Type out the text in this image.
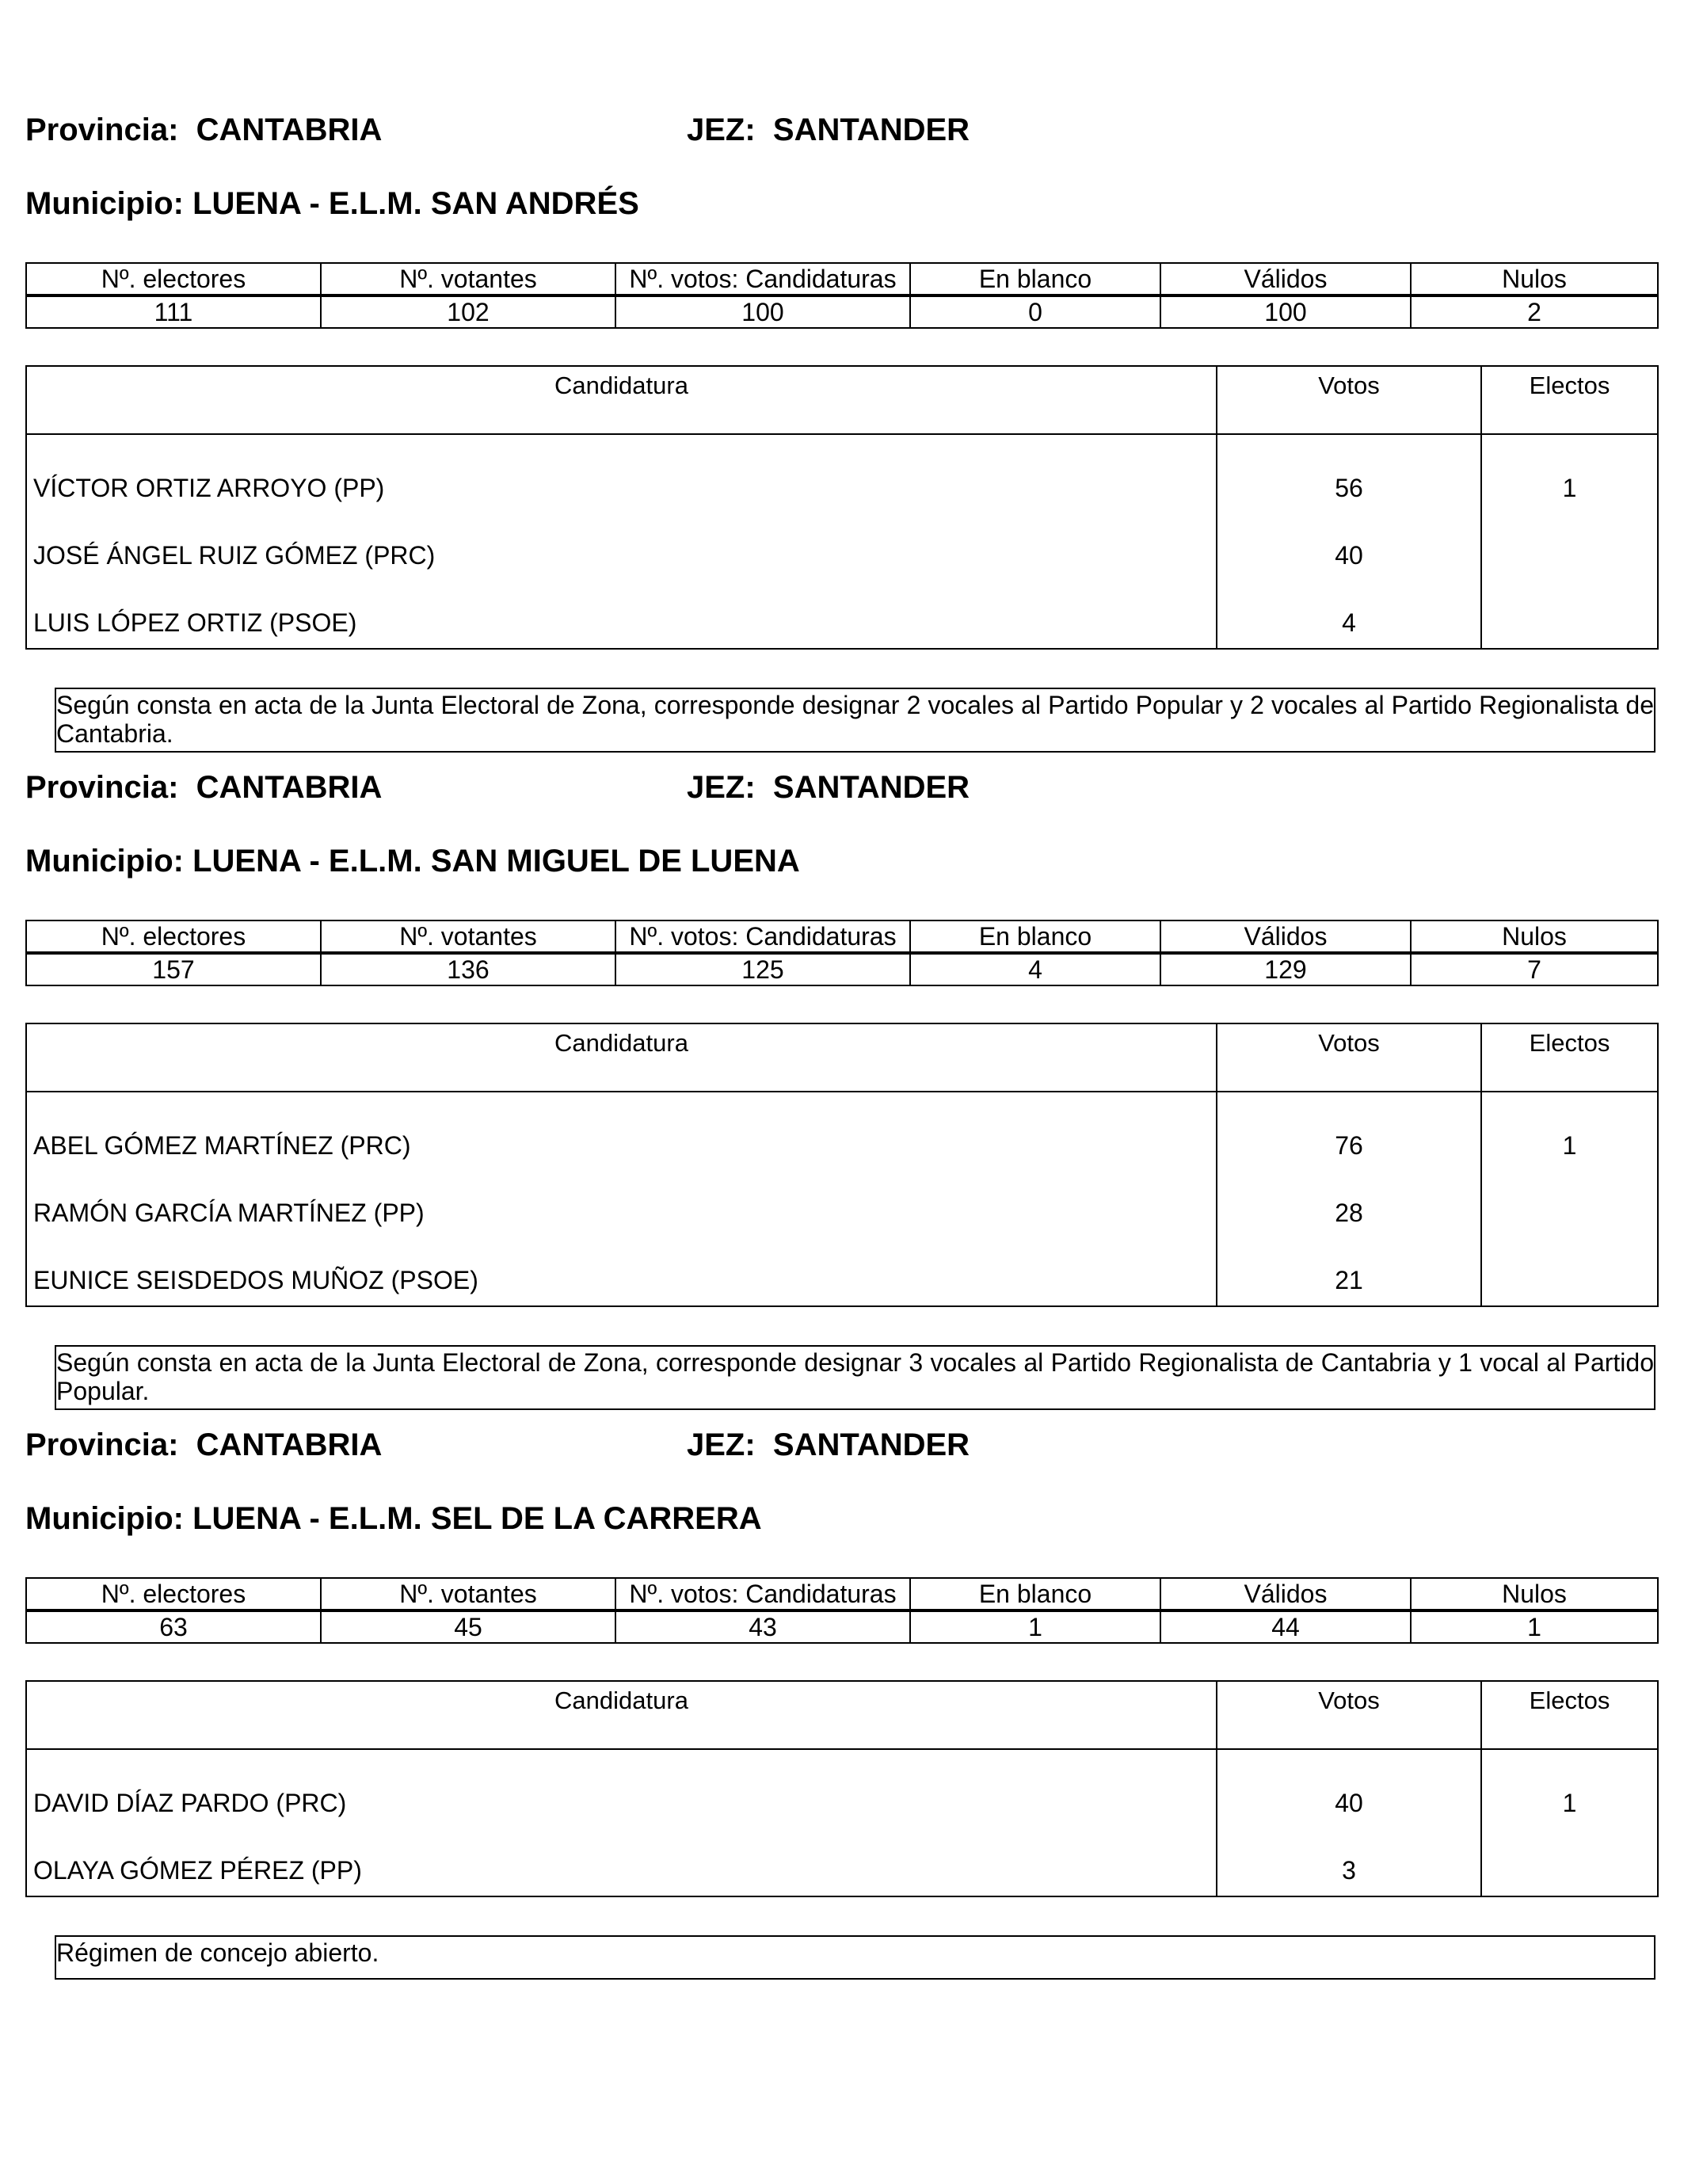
Provincia: CANTABRIA	JEZ: SANTANDER
Municipio: LUENA - E.L.M. SAN ANDRÉS
Nº. electores	Nº. votantes	Nº. votos: Candidaturas	En blanco	Válidos	Nulos
111	102	100	0	100	2
Candidatura	Votos	Electos
VÍCTOR ORTIZ ARROYO (PP)	56	1
JOSÉ ÁNGEL RUIZ GÓMEZ (PRC)	40	
LUIS LÓPEZ ORTIZ (PSOE)	4	
Según consta en acta de la Junta Electoral de Zona, corresponde designar 2 vocales al Partido Popular y 2 vocales al Partido Regionalista de Cantabria.
Provincia: CANTABRIA	JEZ: SANTANDER
Municipio: LUENA - E.L.M. SAN MIGUEL DE LUENA
Nº. electores	Nº. votantes	Nº. votos: Candidaturas	En blanco	Válidos	Nulos
157	136	125	4	129	7
Candidatura	Votos	Electos
ABEL GÓMEZ MARTÍNEZ (PRC)	76	1
RAMÓN GARCÍA MARTÍNEZ (PP)	28	
EUNICE SEISDEDOS MUÑOZ (PSOE)	21	
Según consta en acta de la Junta Electoral de Zona, corresponde designar 3 vocales al Partido Regionalista de Cantabria y 1 vocal al Partido Popular.
Provincia: CANTABRIA	JEZ: SANTANDER
Municipio: LUENA - E.L.M. SEL DE LA CARRERA
Nº. electores	Nº. votantes	Nº. votos: Candidaturas	En blanco	Válidos	Nulos
63	45	43	1	44	1
Candidatura	Votos	Electos
DAVID DÍAZ PARDO (PRC)	40	1
OLAYA GÓMEZ PÉREZ (PP)	3	
Régimen de concejo abierto.
